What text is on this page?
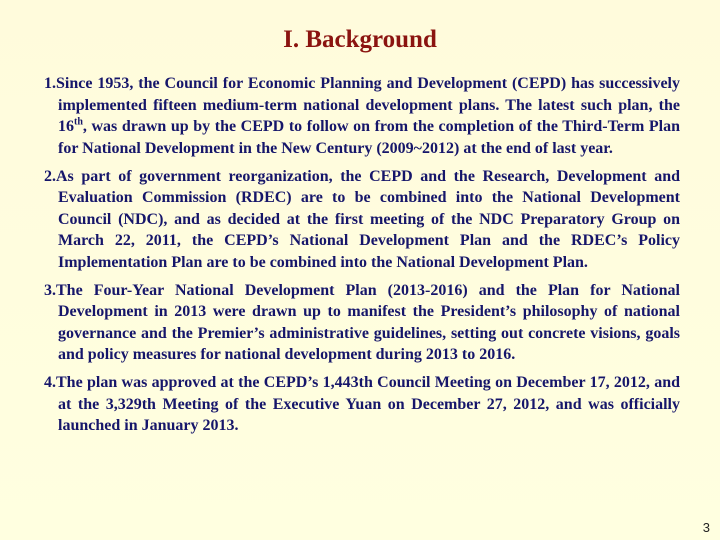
I. Background
1.Since 1953, the Council for Economic Planning and Development (CEPD) has successively implemented fifteen medium-term national development plans. The latest such plan, the 16th, was drawn up by the CEPD to follow on from the completion of the Third-Term Plan for National Development in the New Century (2009~2012) at the end of last year.
2.As part of government reorganization, the CEPD and the Research, Development and Evaluation Commission (RDEC) are to be combined into the National Development Council (NDC), and as decided at the first meeting of the NDC Preparatory Group on March 22, 2011, the CEPD’s National Development Plan and the RDEC’s Policy Implementation Plan are to be combined into the National Development Plan.
3.The Four-Year National Development Plan (2013-2016) and the Plan for National Development in 2013 were drawn up to manifest the President’s philosophy of national governance and the Premier’s administrative guidelines, setting out concrete visions, goals and policy measures for national development during 2013 to 2016.
4.The plan was approved at the CEPD’s 1,443th Council Meeting on December 17, 2012, and at the 3,329th Meeting of the Executive Yuan on December 27, 2012, and was officially launched in January 2013.
3
